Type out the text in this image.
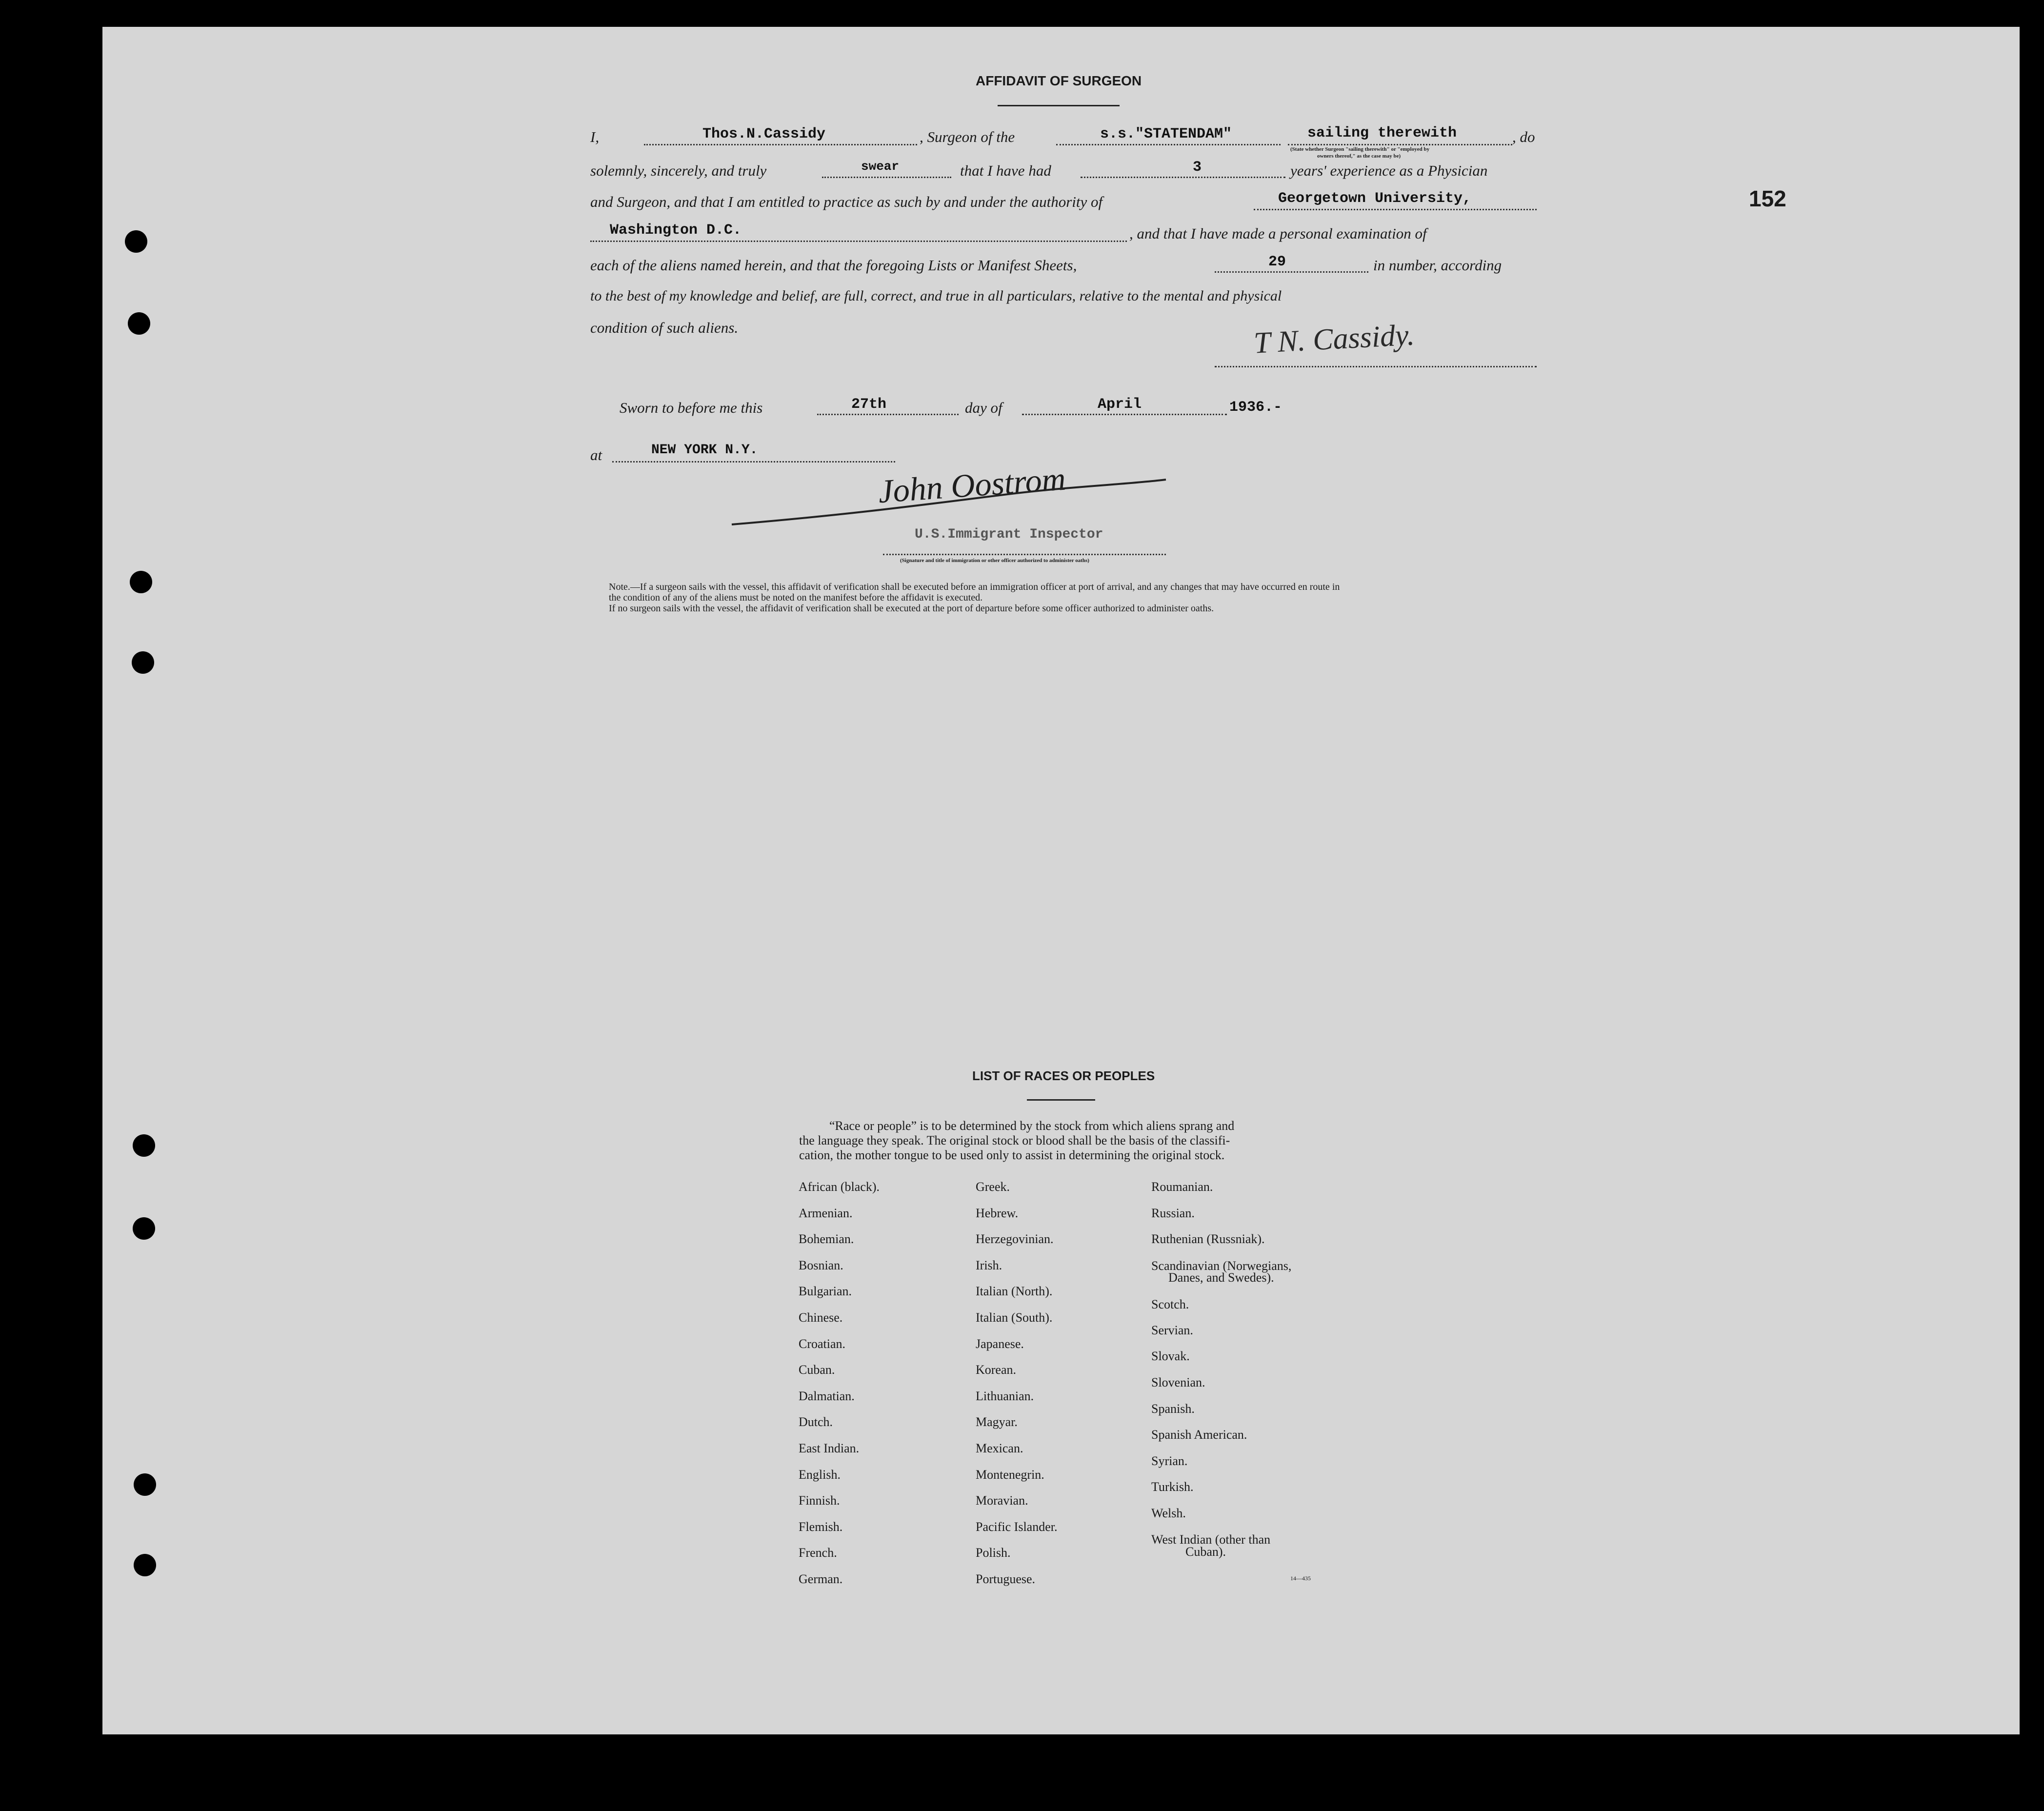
152
AFFIDAVIT OF SURGEON
I,	Thos.N.Cassidy	, Surgeon of the	s.s."STATENDAM"	sailing therewith	, do
(State whether Surgeon "sailing therewith" or "employed by
owners thereof," as the case may be)
solemnly, sincerely, and truly	swear	that I have had	3	years' experience as a Physician
and Surgeon, and that I am entitled to practice as such by and under the authority of	Georgetown University,
Washington D.C.	, and that I have made a personal examination of
each of the aliens named herein, and that the foregoing Lists or Manifest Sheets,	29	in number, according
to the best of my knowledge and belief, are full, correct, and true in all particulars, relative to the mental and physical
condition of such aliens.	T N. Cassidy.
Sworn to before me this	27th	day of	April	1936.-
at	NEW YORK N.Y.
John Oostrom
U.S.Immigrant Inspector
(Signature and title of immigration or other officer authorized to administer oaths)
Note.—If a surgeon sails with the vessel, this affidavit of verification shall be executed before an immigration officer at port of arrival, and any changes that may have occurred en route in
the condition of any of the aliens must be noted on the manifest before the affidavit is executed.
If no surgeon sails with the vessel, the affidavit of verification shall be executed at the port of departure before some officer authorized to administer oaths.
LIST OF RACES OR PEOPLES
“Race or people” is to be determined by the stock from which aliens sprang and
the language they speak. The original stock or blood shall be the basis of the classifi-
cation, the mother tongue to be used only to assist in determining the original stock.
African (black).
Armenian.
Bohemian.
Bosnian.
Bulgarian.
Chinese.
Croatian.
Cuban.
Dalmatian.
Dutch.
East Indian.
English.
Finnish.
Flemish.
French.
German.
Greek.
Hebrew.
Herzegovinian.
Irish.
Italian (North).
Italian (South).
Japanese.
Korean.
Lithuanian.
Magyar.
Mexican.
Montenegrin.
Moravian.
Pacific Islander.
Polish.
Portuguese.
Roumanian.
Russian.
Ruthenian (Russniak).
Scandinavian (Norwegians,
Danes, and Swedes).
Scotch.
Servian.
Slovak.
Slovenian.
Spanish.
Spanish American.
Syrian.
Turkish.
Welsh.
West Indian (other than
Cuban).
14—435
